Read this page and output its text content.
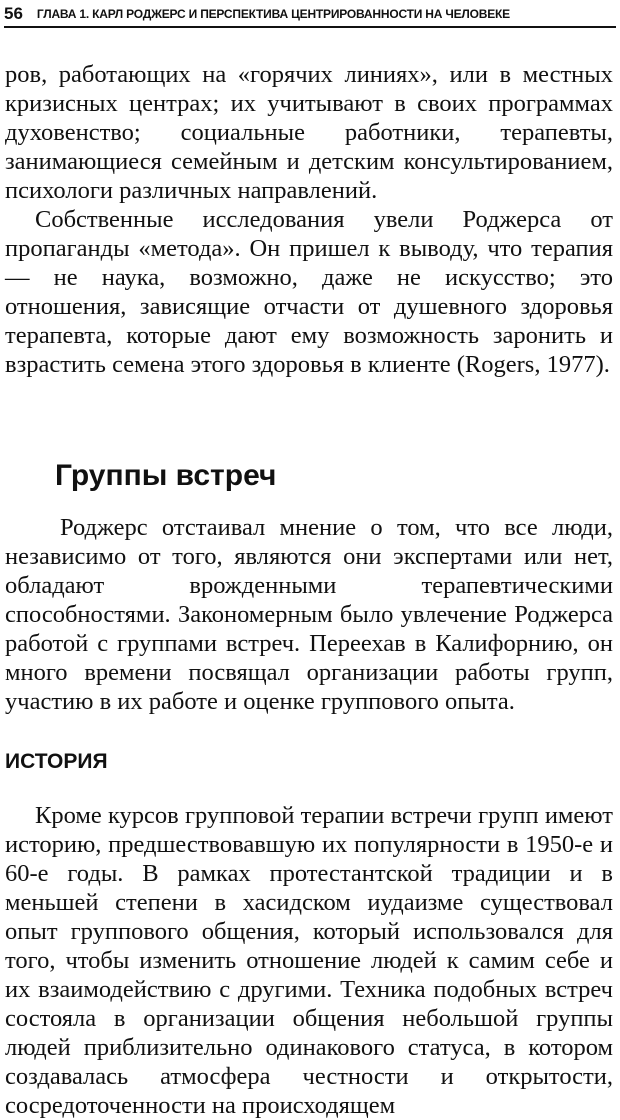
56 ГЛАВА 1. КАРЛ РОДЖЕРС И ПЕРСПЕКТИВА ЦЕНТРИРОВАННОСТИ НА ЧЕЛОВЕКЕ

ров, работающих на «горячих линиях», или в местных кризисных центрах; их учитывают в своих программах духовенство; социальные работники, терапевты, занимающиеся семейным и детским консультированием, психологи различных направлений.

Собственные исследования увели Роджерса от пропаганды «метода». Он пришел к выводу, что терапия — не наука, возможно, даже не искусство; это отношения, зависящие отчасти от душевного здоровья терапевта, которые дают ему возможность заронить и взрастить семена этого здоровья в клиенте (Rogers, 1977).

Группы встреч

Роджерс отстаивал мнение о том, что все люди, независимо от того, являются они экспертами или нет, обладают врожденными терапевтическими способностями. Закономерным было увлечение Роджерса работой с группами встреч. Переехав в Калифорнию, он много времени посвящал организации работы групп, участию в их работе и оценке группового опыта.

ИСТОРИЯ

Кроме курсов групповой терапии встречи групп имеют историю, предшествовавшую их популярности в 1950-е и 60-е годы. В рамках протестантской традиции и в меньшей степени в хасидском иудаизме существовал опыт группового общения, который использовался для того, чтобы изменить отношение людей к самим себе и их взаимодействию с другими. Техника подобных встреч состояла в организации общения небольшой группы людей приблизительно одинакового статуса, в котором создавалась атмосфера честности и открытости, сосредоточенности на происходящем
